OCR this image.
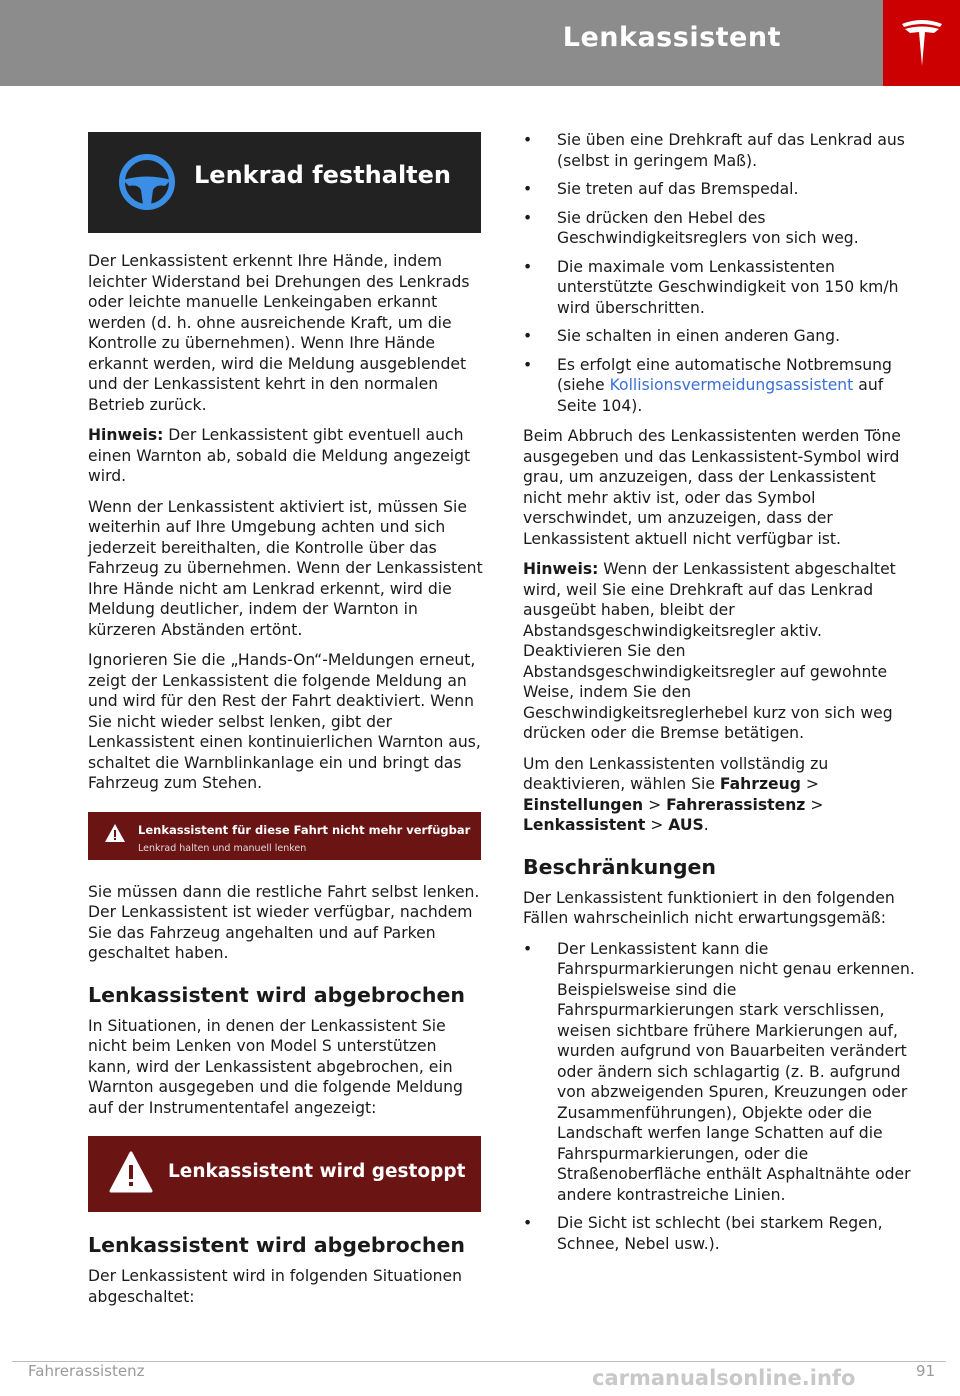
Lenkassistent
Lenkrad festhalten

Der Lenkassistent erkennt Ihre Hände, indem leichter Widerstand bei Drehungen des Lenkrads oder leichte manuelle Lenkeingaben erkannt werden (d. h. ohne ausreichende Kraft, um die Kontrolle zu übernehmen). Wenn Ihre Hände erkannt werden, wird die Meldung ausgeblendet und der Lenkassistent kehrt in den normalen Betrieb zurück.

Hinweis: Der Lenkassistent gibt eventuell auch einen Warnton ab, sobald die Meldung angezeigt wird.

Wenn der Lenkassistent aktiviert ist, müssen Sie weiterhin auf Ihre Umgebung achten und sich jederzeit bereithalten, die Kontrolle über das Fahrzeug zu übernehmen. Wenn der Lenkassistent Ihre Hände nicht am Lenkrad erkennt, wird die Meldung deutlicher, indem der Warnton in kürzeren Abständen ertönt.

Ignorieren Sie die „Hands-On“-Meldungen erneut, zeigt der Lenkassistent die folgende Meldung an und wird für den Rest der Fahrt deaktiviert. Wenn Sie nicht wieder selbst lenken, gibt der Lenkassistent einen kontinuierlichen Warnton aus, schaltet die Warnblinkanlage ein und bringt das Fahrzeug zum Stehen.

Lenkassistent für diese Fahrt nicht mehr verfügbar
Lenkrad halten und manuell lenken

Sie müssen dann die restliche Fahrt selbst lenken. Der Lenkassistent ist wieder verfügbar, nachdem Sie das Fahrzeug angehalten und auf Parken geschaltet haben.

Lenkassistent wird abgebrochen

In Situationen, in denen der Lenkassistent Sie nicht beim Lenken von Model S unterstützen kann, wird der Lenkassistent abgebrochen, ein Warnton ausgegeben und die folgende Meldung auf der Instrumententafel angezeigt:

Lenkassistent wird gestoppt
Lenkassistent wird abgebrochen

Der Lenkassistent wird in folgenden Situationen abgeschaltet:

• Sie üben eine Drehkraft auf das Lenkrad aus (selbst in geringem Maß).
• Sie treten auf das Bremspedal.
• Sie drücken den Hebel des Geschwindigkeitsreglers von sich weg.
• Die maximale vom Lenkassistenten unterstützte Geschwindigkeit von 150 km/h wird überschritten.
• Sie schalten in einen anderen Gang.
• Es erfolgt eine automatische Notbremsung (siehe Kollisionsvermeidungsassistent auf Seite 104).

Beim Abbruch des Lenkassistenten werden Töne ausgegeben und das Lenkassistent-Symbol wird grau, um anzuzeigen, dass der Lenkassistent nicht mehr aktiv ist, oder das Symbol verschwindet, um anzuzeigen, dass der Lenkassistent aktuell nicht verfügbar ist.

Hinweis: Wenn der Lenkassistent abgeschaltet wird, weil Sie eine Drehkraft auf das Lenkrad ausgeübt haben, bleibt der Abstandsgeschwindigkeitsregler aktiv. Deaktivieren Sie den Abstandsgeschwindigkeitsregler auf gewohnte Weise, indem Sie den Geschwindigkeitsreglerhebel kurz von sich weg drücken oder die Bremse betätigen.

Um den Lenkassistenten vollständig zu deaktivieren, wählen Sie Fahrzeug > Einstellungen > Fahrerassistenz > Lenkassistent > AUS.

Beschränkungen

Der Lenkassistent funktioniert in den folgenden Fällen wahrscheinlich nicht erwartungsgemäß:

• Der Lenkassistent kann die Fahrspurmarkierungen nicht genau erkennen. Beispielsweise sind die Fahrspurmarkierungen stark verschlissen, weisen sichtbare frühere Markierungen auf, wurden aufgrund von Bauarbeiten verändert oder ändern sich schlagartig (z. B. aufgrund von abzweigenden Spuren, Kreuzungen oder Zusammenführungen), Objekte oder die Landschaft werfen lange Schatten auf die Fahrspurmarkierungen, oder die Straßenoberfläche enthält Asphaltnähte oder andere kontrastreiche Linien.
• Die Sicht ist schlecht (bei starkem Regen, Schnee, Nebel usw.).
Fahrerassistenz	91
carmanualsonline.info
